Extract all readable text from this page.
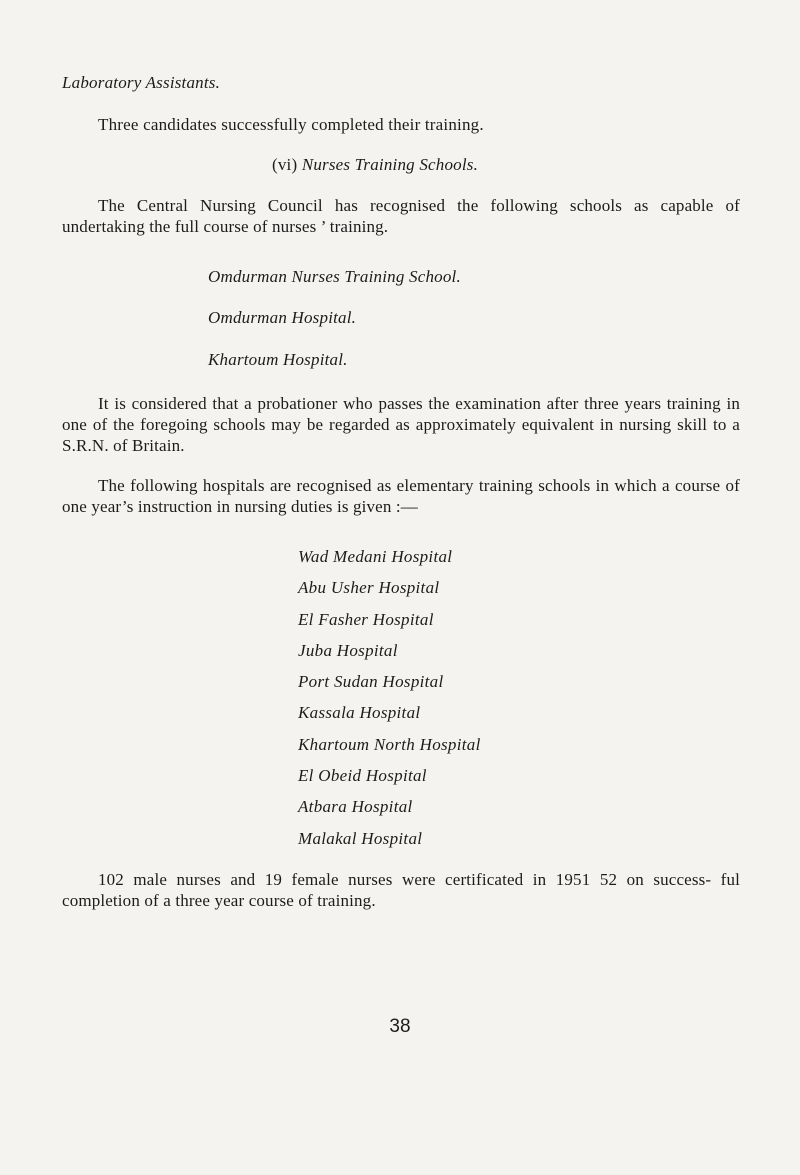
Laboratory Assistants.
Three candidates successfully completed their training.
(vi) Nurses Training Schools.

The Central Nursing Council has recognised the following schools as capable of undertaking the full course of nurses ’ training.

Omdurman Nurses Training School.
Omdurman Hospital.
Khartoum Hospital.

It is considered that a probationer who passes the examination after three years training in one of the foregoing schools may be regarded as approximately equivalent in nursing skill to a S.R.N. of Britain.

The following hospitals are recognised as elementary training schools in which a course of one year’s instruction in nursing duties is given :—

Wad Medani Hospital
Abu Usher Hospital
El Fasher Hospital
Juba Hospital
Port Sudan Hospital
Kassala Hospital
Khartoum North Hospital
El Obeid Hospital
Atbara Hospital
Malakal Hospital

102 male nurses and 19 female nurses were certificated in 1951 52 on success- ful completion of a three year course of training.

38
